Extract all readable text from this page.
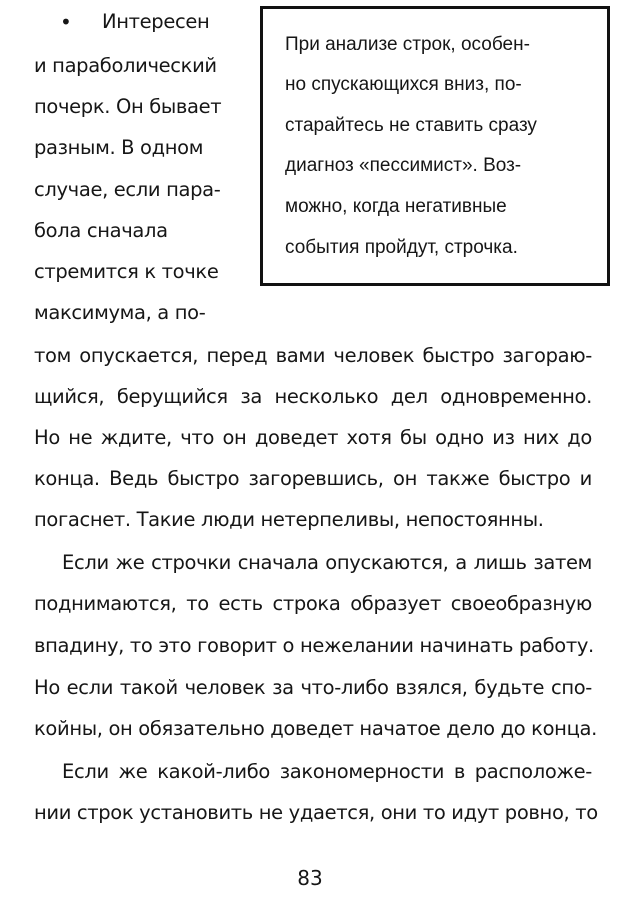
• Интересен
и параболический
почерк. Он бывает
разным. В одном
случае, если пара-
бола сначала
стремится к точке
максимума, а по-
При анализе строк, особен-
но спускающихся вниз, по-
старайтесь не ставить сразу
диагноз «пессимист». Воз-
можно, когда негативные
события пройдут, строчка.
том опускается, перед вами человек быстро загораю-
щийся, берущийся за несколько дел одновременно.
Но не ждите, что он доведет хотя бы одно из них до
конца. Ведь быстро загоревшись, он также быстро и
погаснет. Такие люди нетерпеливы, непостоянны.
Если же строчки сначала опускаются, а лишь затем
поднимаются, то есть строка образует своеобразную
впадину, то это говорит о нежелании начинать работу.
Но если такой человек за что-либо взялся, будьте спо-
койны, он обязательно доведет начатое дело до конца.
Если же какой-либо закономерности в расположе-
нии строк установить не удается, они то идут ровно, то
83
